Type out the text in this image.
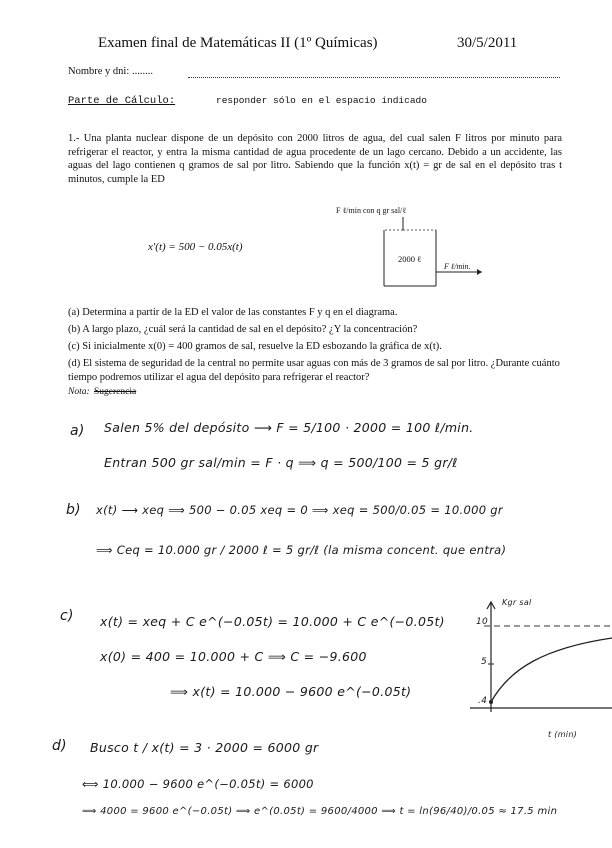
Examen final de Matemáticas II (1º Químicas)	30/5/2011
Nombre y dni: ........
Parte de Cálculo:	responder sólo en el espacio indicado
1.- Una planta nuclear dispone de un depósito con 2000 litros de agua, del cual salen F litros por minuto para refrigerar el reactor, y entra la misma cantidad de agua procedente de un lago cercano. Debido a un accidente, las aguas del lago contienen q gramos de sal por litro. Sabiendo que la función x(t) = gr de sal en el depósito tras t minutos, cumple la ED
x′(t) = 500 − 0.05x(t)
F ℓ/min con q gr sal/ℓ
2000 ℓ
F ℓ/min.
(a) Determina a partir de la ED el valor de las constantes F y q en el diagrama.
(b) A largo plazo, ¿cuál será la cantidad de sal en el depósito? ¿Y la concentración?
(c) Si inicialmente x(0) = 400 gramos de sal, resuelve la ED esbozando la gráfica de x(t).
(d) El sistema de seguridad de la central no permite usar aguas con más de 3 gramos de sal por litro. ¿Durante cuánto tiempo podremos utilizar el agua del depósito para refrigerar el reactor?
Nota: Sugerencia
a) Salen 5% del depósito ⟶ F = 5/100 · 2000 = 100 ℓ/min.
Entran 500 gr sal/min = F · q ⟹ q = 500/100 = 5 gr/ℓ
b) x(t) ⟶ xeq ⟹ 500 − 0.05 xeq = 0 ⟹ xeq = 500/0.05 = 10.000 gr
⟹ Ceq = 10.000 gr / 2000 ℓ = 5 gr/ℓ (la misma concent. que entra)
c) x(t) = xeq + C e^(−0.05t) = 10.000 + C e^(−0.05t)
x(0) = 400 = 10.000 + C ⟹ C = −9.600
⟹ x(t) = 10.000 − 9600 e^(−0.05t)
Kgr sal
10
5
.4
t (min)
d) Busco t / x(t) = 3 · 2000 = 6000 gr
⟺ 10.000 − 9600 e^(−0.05t) = 6000
⟹ 4000 = 9600 e^(−0.05t) ⟹ e^(0.05t) = 9600/4000 ⟹ t = ln(96/40)/0.05 ≈ 17.5 min
